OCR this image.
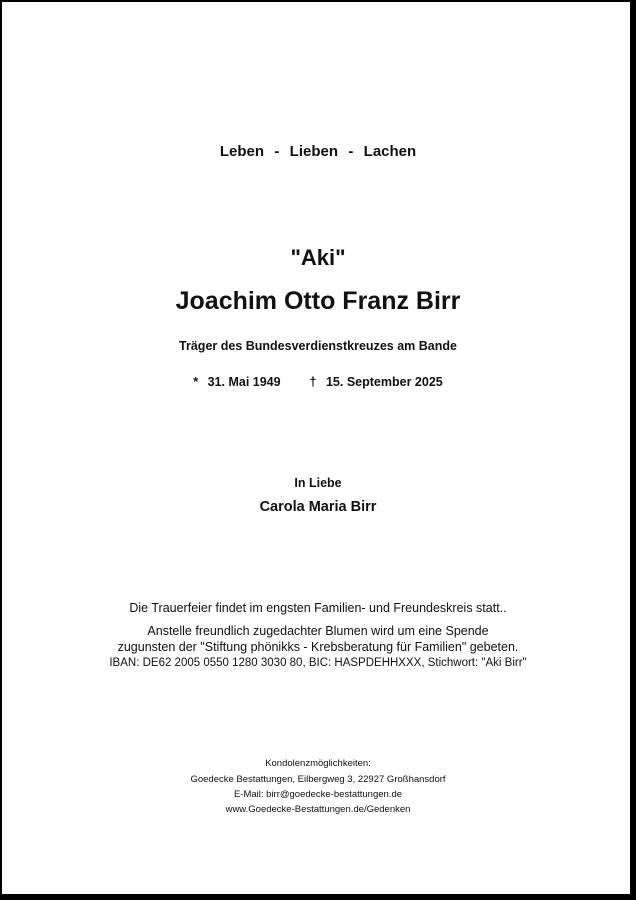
Leben  -  Lieben  -  Lachen
"Aki"
Joachim Otto Franz Birr
Träger des Bundesverdienstkreuzes am Bande
* 31. Mai 1949 † 15. September 2025
In Liebe
Carola Maria Birr
Die Trauerfeier findet im engsten Familien- und Freundeskreis statt..
Anstelle freundlich zugedachter Blumen wird um eine Spende
zugunsten der "Stiftung phönikks - Krebsberatung für Familien" gebeten.
IBAN: DE62 2005 0550 1280 3030 80, BIC: HASPDEHHXXX, Stichwort: "Aki Birr"
Kondolenzmöglichkeiten:
Goedecke Bestattungen, Eilbergweg 3, 22927 Großhansdorf
E-Mail: birr@goedecke-bestattungen.de
www.Goedecke-Bestattungen.de/Gedenken
